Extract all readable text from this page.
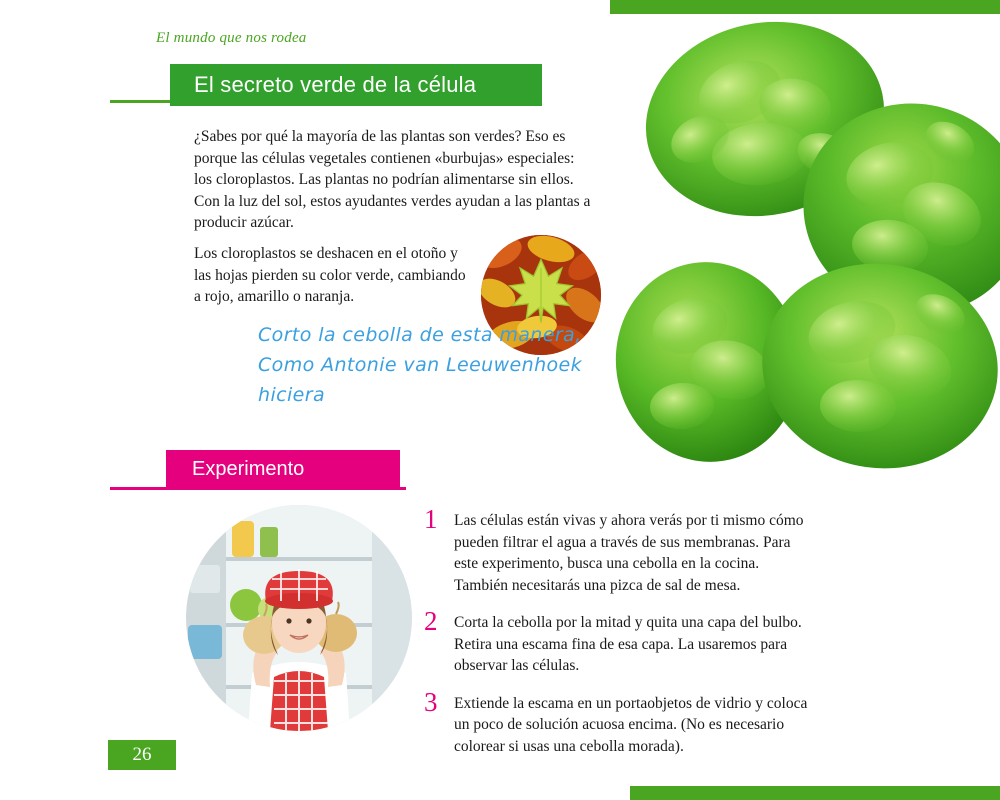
El mundo que nos rodea
El secreto verde de la célula
¿Sabes por qué la mayoría de las plantas son verdes? Eso es porque las células vegetales contienen «burbujas» especiales: los cloroplastos. Las plantas no podrían alimentarse sin ellos. Con la luz del sol, estos ayudantes verdes ayudan a las plantas a producir azúcar.
Los cloroplastos se deshacen en el otoño y las hojas pierden su color verde, cambiando a rojo, amarillo o naranja.
Corto la cebolla de esta manera, Como Antonie van Leeuwenhoek hiciera
Experimento
1 Las células están vivas y ahora verás por ti mismo cómo pueden filtrar el agua a través de sus membranas. Para este experimento, busca una cebolla en la cocina. También necesitarás una pizca de sal de mesa.
2 Corta la cebolla por la mitad y quita una capa del bulbo. Retira una escama fina de esa capa. La usaremos para observar las células.
3 Extiende la escama en un portaobjetos de vidrio y coloca un poco de solución acuosa encima. (No es necesario colorear si usas una cebolla morada).
26
